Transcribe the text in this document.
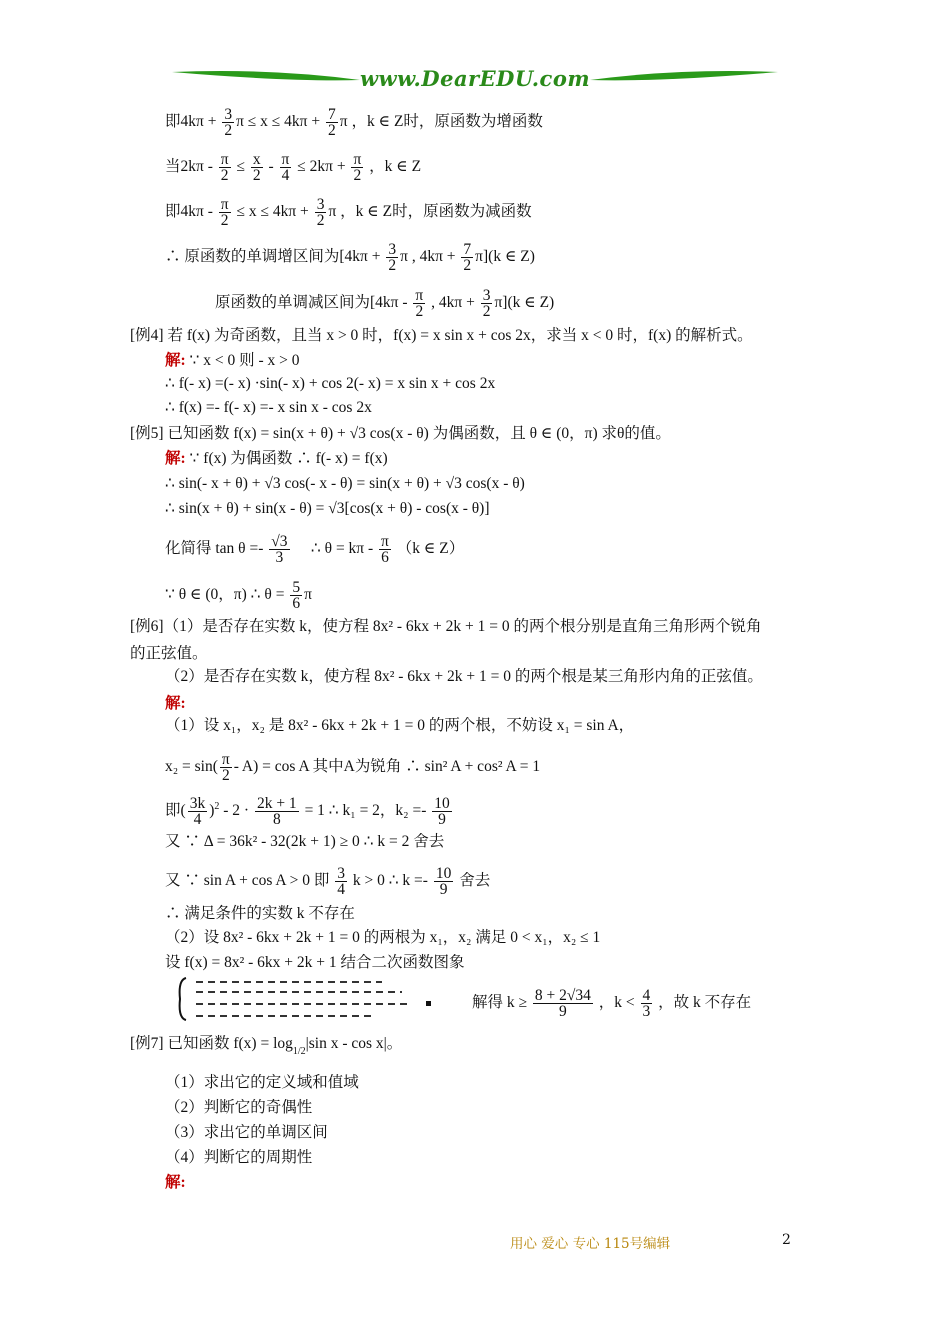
www.DearEDU.com
即$4k\pi + \frac{3}{2}$ $\pi \le x \le 4k\pi + \frac{7}{2}$ π ，k ∈ Z时，原函数为增函数
当$2k\pi - \frac{\pi}{2} \le \frac{x}{2} - \frac{\pi}{4} \le 2k\pi + \frac{\pi}{2}$ ，k ∈ Z
即$4k\pi - \frac{\pi}{2} \le x \le 4k\pi + \frac{3}{2}$ π ，k ∈ Z时，原函数为减函数
∴ 原函数的单调增区间为[$4k\pi + \frac{3}{2}$ π , $4k\pi + \frac{7}{2} \pi](k$ ∈ Z)
原函数的单调减区间为[$4k\pi - \frac{\pi}{2}$ , $4k\pi + \frac{3}{2} \pi](k$ ∈ Z)
[例4] 若 f(x) 为奇函数，且当 x > 0 时，f(x) = x sin x + cos 2x，求当 x < 0 时，f(x) 的解析式。
解: ∵ x < 0 则 - x > 0
∴ f(- x) =(- x) ·sin(- x) + cos 2(- x) = x sin x + cos 2x
∴ f(x) =- f(- x) =- x sin x - cos 2x
[例5] 已知函数 f(x) = sin(x + θ) + √3 cos(x - θ) 为偶函数，且 θ ∈ (0，π) 求θ的值。
解: ∵ f(x) 为偶函数 ∴ f(- x) = f(x)
∴ sin(- x + θ) + √3 cos(- x - θ) = sin(x + θ) + √3 cos(x - θ)
∴ sin(x + θ) + sin(x - θ) = √3[cos(x + θ) - cos(x - θ)]
化简得 $\tan \theta =- \frac{√3}{3}$ ∴ $\theta = k\pi - \frac{\pi}{6} (k$ ∈ Z）
∵ θ ∈ (0，π) ∴ $\theta = \frac{5}{6}$ π
[例6]（1）是否存在实数 k，使方程 8x² - 6kx + 2k + 1 = 0 的两个根分别是直角三角形两个锐角
的正弦值。
（2）是否存在实数 k，使方程 8x² - 6kx + 2k + 1 = 0 的两个根是某三角形内角的正弦值。
解:
（1）设 x₁，x₂ 是 8x² - 6kx + 2k + 1 = 0 的两个根，不妨设 x₁ = sin A，
$x_2 = \sin( \frac{\pi}{2} - A) = \cos A$ 其中A为锐角 ∴ sin² A + cos² A = 1
即( $\frac{3k}{4} )^2 - 2 \cdot \frac{2k + 1}{8} = 1$ ∴ k₁ = 2，$k_2 =- \frac{10}{9}$
又 ∵ Δ = 36k² - 32(2k + 1) ≥ 0 ∴ k = 2 舍去
又 ∵ sin A + cos A > 0 即 $\frac{3}{4}$ k > 0 ∴ $k =- \frac{10}{9}$ 舍去
∴ 满足条件的实数 k 不存在
（2）设 8x² - 6kx + 2k + 1 = 0 的两根为 x₁，x₂ 满足 0 < x₁，x₂ ≤ 1
设 f(x) = 8x² - 6kx + 2k + 1 结合二次函数图象
解得 $k \ge \frac{8 + 2√34}{9}$ ，$k < \frac{4}{3}$ ，故 k 不存在
[例7] 已知函数 $f(x) = \log_{1/2}|\sin$ x - cos x|。
（1）求出它的定义域和值域
（2）判断它的奇偶性
（3）求出它的单调区间
（4）判断它的周期性
解:
用心 爱心 专心 115号编辑	2
